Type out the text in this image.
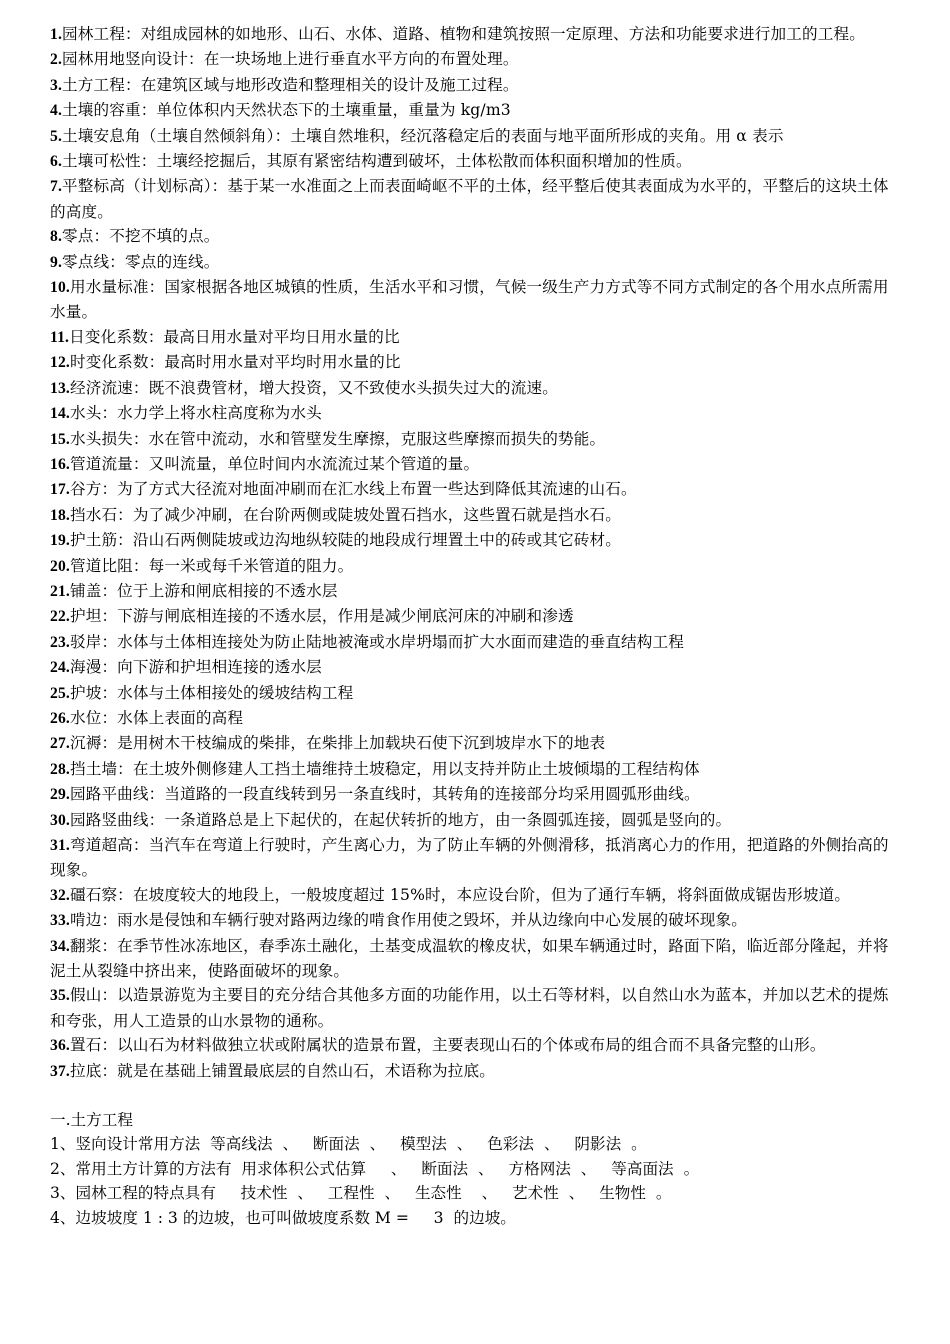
1.园林工程：对组成园林的如地形、山石、水体、道路、植物和建筑按照一定原理、方法和功能要求进行加工的工程。
2.园林用地竖向设计：在一块场地上进行垂直水平方向的布置处理。
3.土方工程：在建筑区域与地形改造和整理相关的设计及施工过程。
4.土壤的容重：单位体积内天然状态下的土壤重量，重量为 kg/m3
5.土壤安息角（土壤自然倾斜角）：土壤自然堆积，经沉落稳定后的表面与地平面所形成的夹角。用 α 表示
6.土壤可松性：土壤经挖掘后，其原有紧密结构遭到破坏，土体松散而体积面积增加的性质。
7.平整标高（计划标高）：基于某一水准面之上而表面崎岖不平的土体，经平整后使其表面成为水平的，平整后的这块土体的高度。
8.零点：不挖不填的点。
9.零点线：零点的连线。
10.用水量标准：国家根据各地区城镇的性质，生活水平和习惯，气候一级生产力方式等不同方式制定的各个用水点所需用水量。
11.日变化系数：最高日用水量对平均日用水量的比
12.时变化系数：最高时用水量对平均时用水量的比
13.经济流速：既不浪费管材，增大投资，又不致使水头损失过大的流速。
14.水头：水力学上将水柱高度称为水头
15.水头损失：水在管中流动，水和管壁发生摩擦，克服这些摩擦而损失的势能。
16.管道流量：又叫流量，单位时间内水流流过某个管道的量。
17.谷方：为了方式大径流对地面冲刷而在汇水线上布置一些达到降低其流速的山石。
18.挡水石：为了减少冲刷，在台阶两侧或陡坡处置石挡水，这些置石就是挡水石。
19.护土筋：沿山石两侧陡坡或边沟地纵较陡的地段成行埋置土中的砖或其它砖材。
20.管道比阻：每一米或每千米管道的阻力。
21.铺盖：位于上游和闸底相接的不透水层
22.护坦：下游与闸底相连接的不透水层，作用是减少闸底河床的冲刷和渗透
23.驳岸：水体与土体相连接处为防止陆地被淹或水岸坍塌而扩大水面而建造的垂直结构工程
24.海漫：向下游和护坦相连接的透水层
25.护坡：水体与土体相接处的缓坡结构工程
26.水位：水体上表面的高程
27.沉褥：是用树木干枝编成的柴排，在柴排上加载块石使下沉到坡岸水下的地表
28.挡土墙：在土坡外侧修建人工挡土墙维持土坡稳定，用以支持并防止土坡倾塌的工程结构体
29.园路平曲线：当道路的一段直线转到另一条直线时，其转角的连接部分均采用圆弧形曲线。
30.园路竖曲线：一条道路总是上下起伏的，在起伏转折的地方，由一条圆弧连接，圆弧是竖向的。
31.弯道超高：当汽车在弯道上行驶时，产生离心力，为了防止车辆的外侧滑移，抵消离心力的作用，把道路的外侧抬高的现象。
32.礓石察：在坡度较大的地段上，一般坡度超过 15%时，本应设台阶，但为了通行车辆，将斜面做成锯齿形坡道。
33.啃边：雨水是侵蚀和车辆行驶对路两边缘的啃食作用使之毁坏，并从边缘向中心发展的破坏现象。
34.翻浆：在季节性冰冻地区，春季冻土融化，土基变成温软的橡皮状，如果车辆通过时，路面下陷，临近部分隆起，并将泥土从裂缝中挤出来，使路面破坏的现象。
35.假山：以造景游览为主要目的充分结合其他多方面的功能作用，以土石等材料，以自然山水为蓝本，并加以艺术的提炼和夸张，用人工造景的山水景物的通称。
36.置石：以山石为材料做独立状或附属状的造景布置，主要表现山石的个体或布局的组合而不具备完整的山形。
37.拉底：就是在基础上铺置最底层的自然山石，术语称为拉底。
一.土方工程
1、竖向设计常用方法  等高线法  、   断面法  、   模型法  、   色彩法  、   阴影法  。
2、常用土方计算的方法有  用求体积公式估算     、   断面法  、   方格网法  、   等高面法  。
3、园林工程的特点具有     技术性  、   工程性  、   生态性    、   艺术性  、   生物性  。
4、边坡坡度 1 : 3 的边坡，也可叫做坡度系数 M =     3  的边坡。
